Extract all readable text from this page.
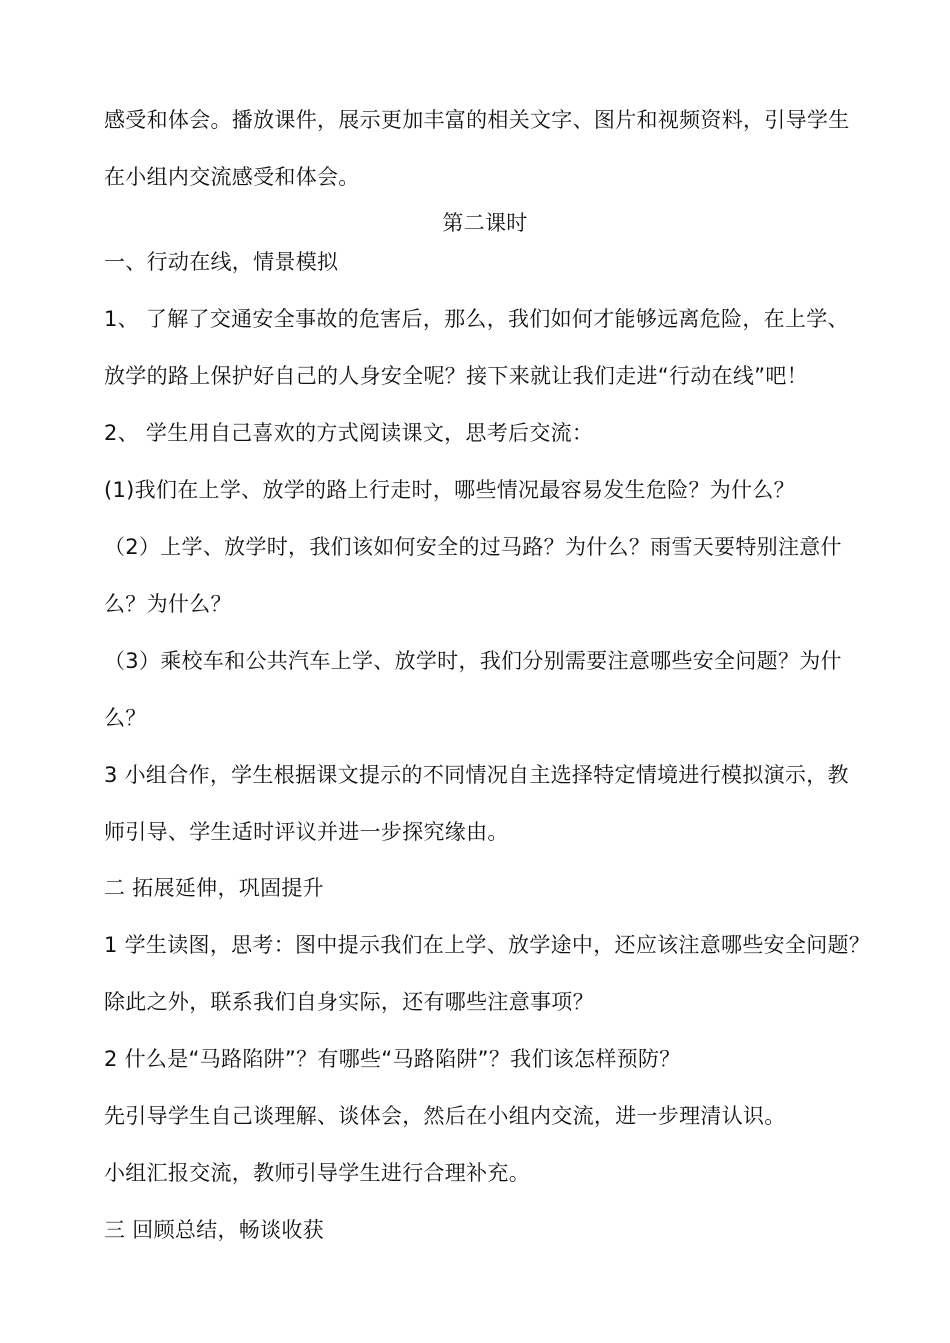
感受和体会。播放课件，展示更加丰富的相关文字、图片和视频资料，引导学生
在小组内交流感受和体会。
第二课时
一、行动在线，情景模拟
1、 了解了交通安全事故的危害后，那么，我们如何才能够远离危险，在上学、
放学的路上保护好自己的人身安全呢？接下来就让我们走进“行动在线”吧！
2、 学生用自己喜欢的方式阅读课文，思考后交流：
(1)我们在上学、放学的路上行走时，哪些情况最容易发生危险？为什么？
（2）上学、放学时，我们该如何安全的过马路？为什么？雨雪天要特别注意什
么？为什么？
（3）乘校车和公共汽车上学、放学时，我们分别需要注意哪些安全问题？为什
么？
3 小组合作，学生根据课文提示的不同情况自主选择特定情境进行模拟演示，教
师引导、学生适时评议并进一步探究缘由。
二 拓展延伸，巩固提升
1 学生读图，思考：图中提示我们在上学、放学途中，还应该注意哪些安全问题？
除此之外，联系我们自身实际，还有哪些注意事项？
2 什么是“马路陷阱”？有哪些“马路陷阱”？我们该怎样预防？
先引导学生自己谈理解、谈体会，然后在小组内交流，进一步理清认识。
小组汇报交流，教师引导学生进行合理补充。
三 回顾总结，畅谈收获
